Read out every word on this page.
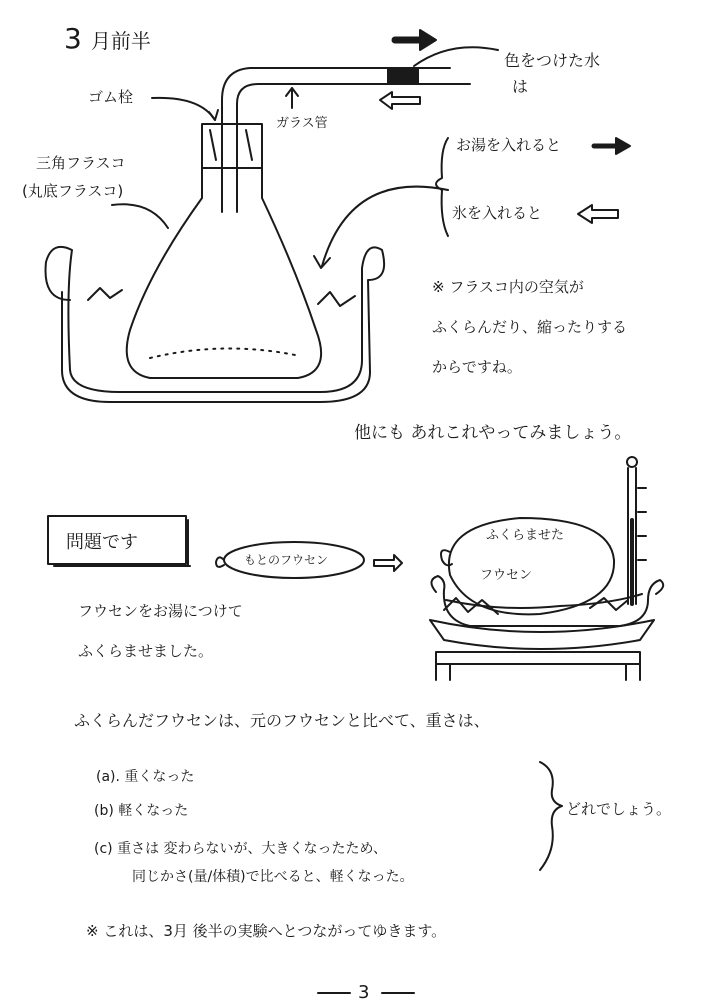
3 月前半
ゴム栓
ガラス管
三角フラスコ
(丸底フラスコ)
色をつけた水
は
お湯を入れると
氷を入れると
※ フラスコ内の空気が
ふくらんだり、縮ったりする
からですね。
他にも あれこれやってみましょう。
問題です
もとのフウセン
ふくらませた
フウセン
フウセンをお湯につけて
ふくらませました。
ふくらんだフウセンは、元のフウセンと比べて、重さは、
(a). 重くなった
(b) 軽くなった
(c) 重さは 変わらないが、大きくなったため、
同じかさ(量/体積)で比べると、軽くなった。
どれでしょう。
※ これは、3月 後半の実験へとつながってゆきます。
3
